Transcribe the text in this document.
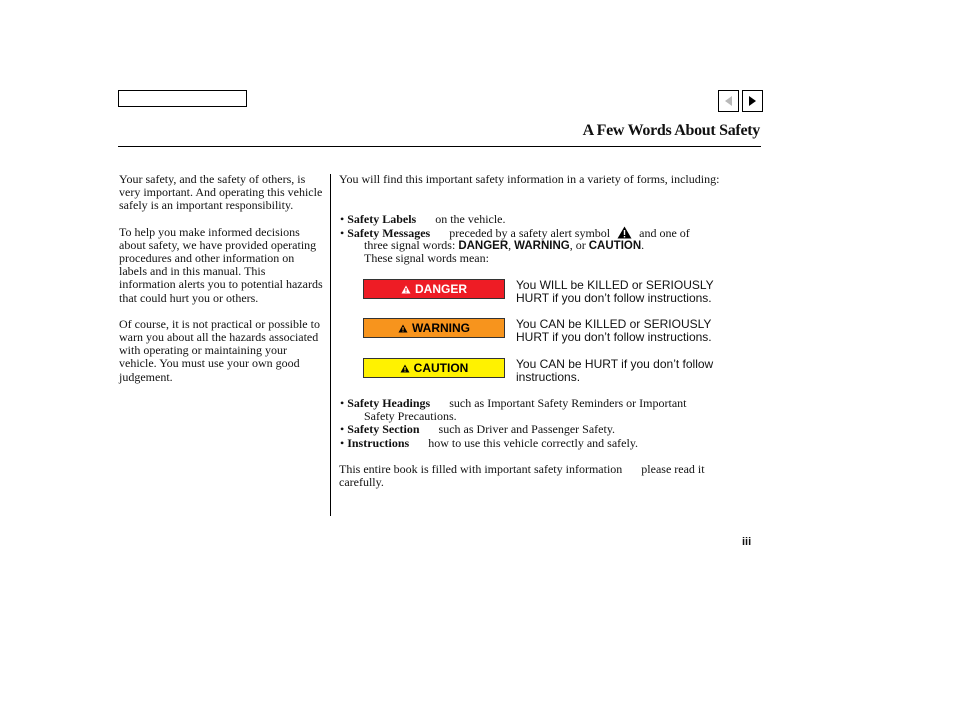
A Few Words About Safety

Your safety, and the safety of others, is very important. And operating this vehicle safely is an important responsibility.

To help you make informed decisions about safety, we have provided operating procedures and other information on labels and in this manual. This information alerts you to potential hazards that could hurt you or others.

Of course, it is not practical or possible to warn you about all the hazards associated with operating or maintaining your vehicle. You must use your own good judgement.

You will find this important safety information in a variety of forms, including:
• Safety Labels on the vehicle.
• Safety Messages preceded by a safety alert symbol and one of
three signal words: DANGER, WARNING, or CAUTION.
These signal words mean:
DANGER	You WILL be KILLED or SERIOUSLY
HURT if you don’t follow instructions.
WARNING	You CAN be KILLED or SERIOUSLY
HURT if you don’t follow instructions.
CAUTION	You CAN be HURT if you don’t follow
instructions.
• Safety Headings such as Important Safety Reminders or Important
Safety Precautions.
• Safety Section such as Driver and Passenger Safety.
• Instructions how to use this vehicle correctly and safely.
This entire book is filled with important safety information please read it
carefully.
iii
